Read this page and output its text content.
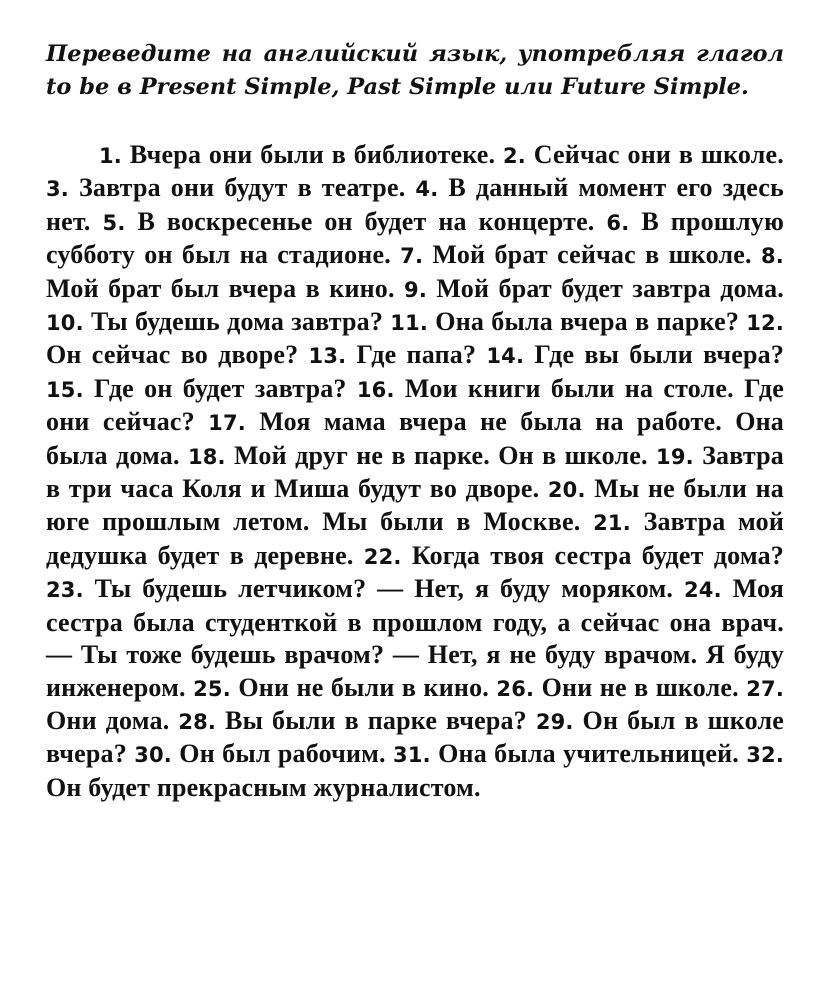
Переведите на английский язык, употребляя глагол to be в Present Simple, Past Simple или Future Simple.

1. Вчера они были в библиотеке. 2. Сейчас они в школе. 3. Завтра они будут в театре. 4. В данный момент его здесь нет. 5. В воскресенье он будет на концерте. 6. В прошлую субботу он был на стадионе. 7. Мой брат сейчас в школе. 8. Мой брат был вчера в кино. 9. Мой брат будет завтра дома. 10. Ты будешь дома завтра? 11. Она была вчера в парке? 12. Он сейчас во дворе? 13. Где папа? 14. Где вы были вчера? 15. Где он будет завтра? 16. Мои книги были на столе. Где они сейчас? 17. Моя мама вчера не была на работе. Она была дома. 18. Мой друг не в парке. Он в школе. 19. Завтра в три часа Коля и Миша будут во дворе. 20. Мы не были на юге прошлым летом. Мы были в Москве. 21. Завтра мой дедушка будет в деревне. 22. Когда твоя сестра будет дома? 23. Ты будешь летчиком? — Нет, я буду моряком. 24. Моя сестра была студенткой в прошлом году, а сейчас она врач. — Ты тоже будешь врачом? — Нет, я не буду врачом. Я буду инженером. 25. Они не были в кино. 26. Они не в школе. 27. Они дома. 28. Вы были в парке вчера? 29. Он был в школе вчера? 30. Он был рабочим. 31. Она была учительницей. 32. Он будет прекрасным журналистом.
